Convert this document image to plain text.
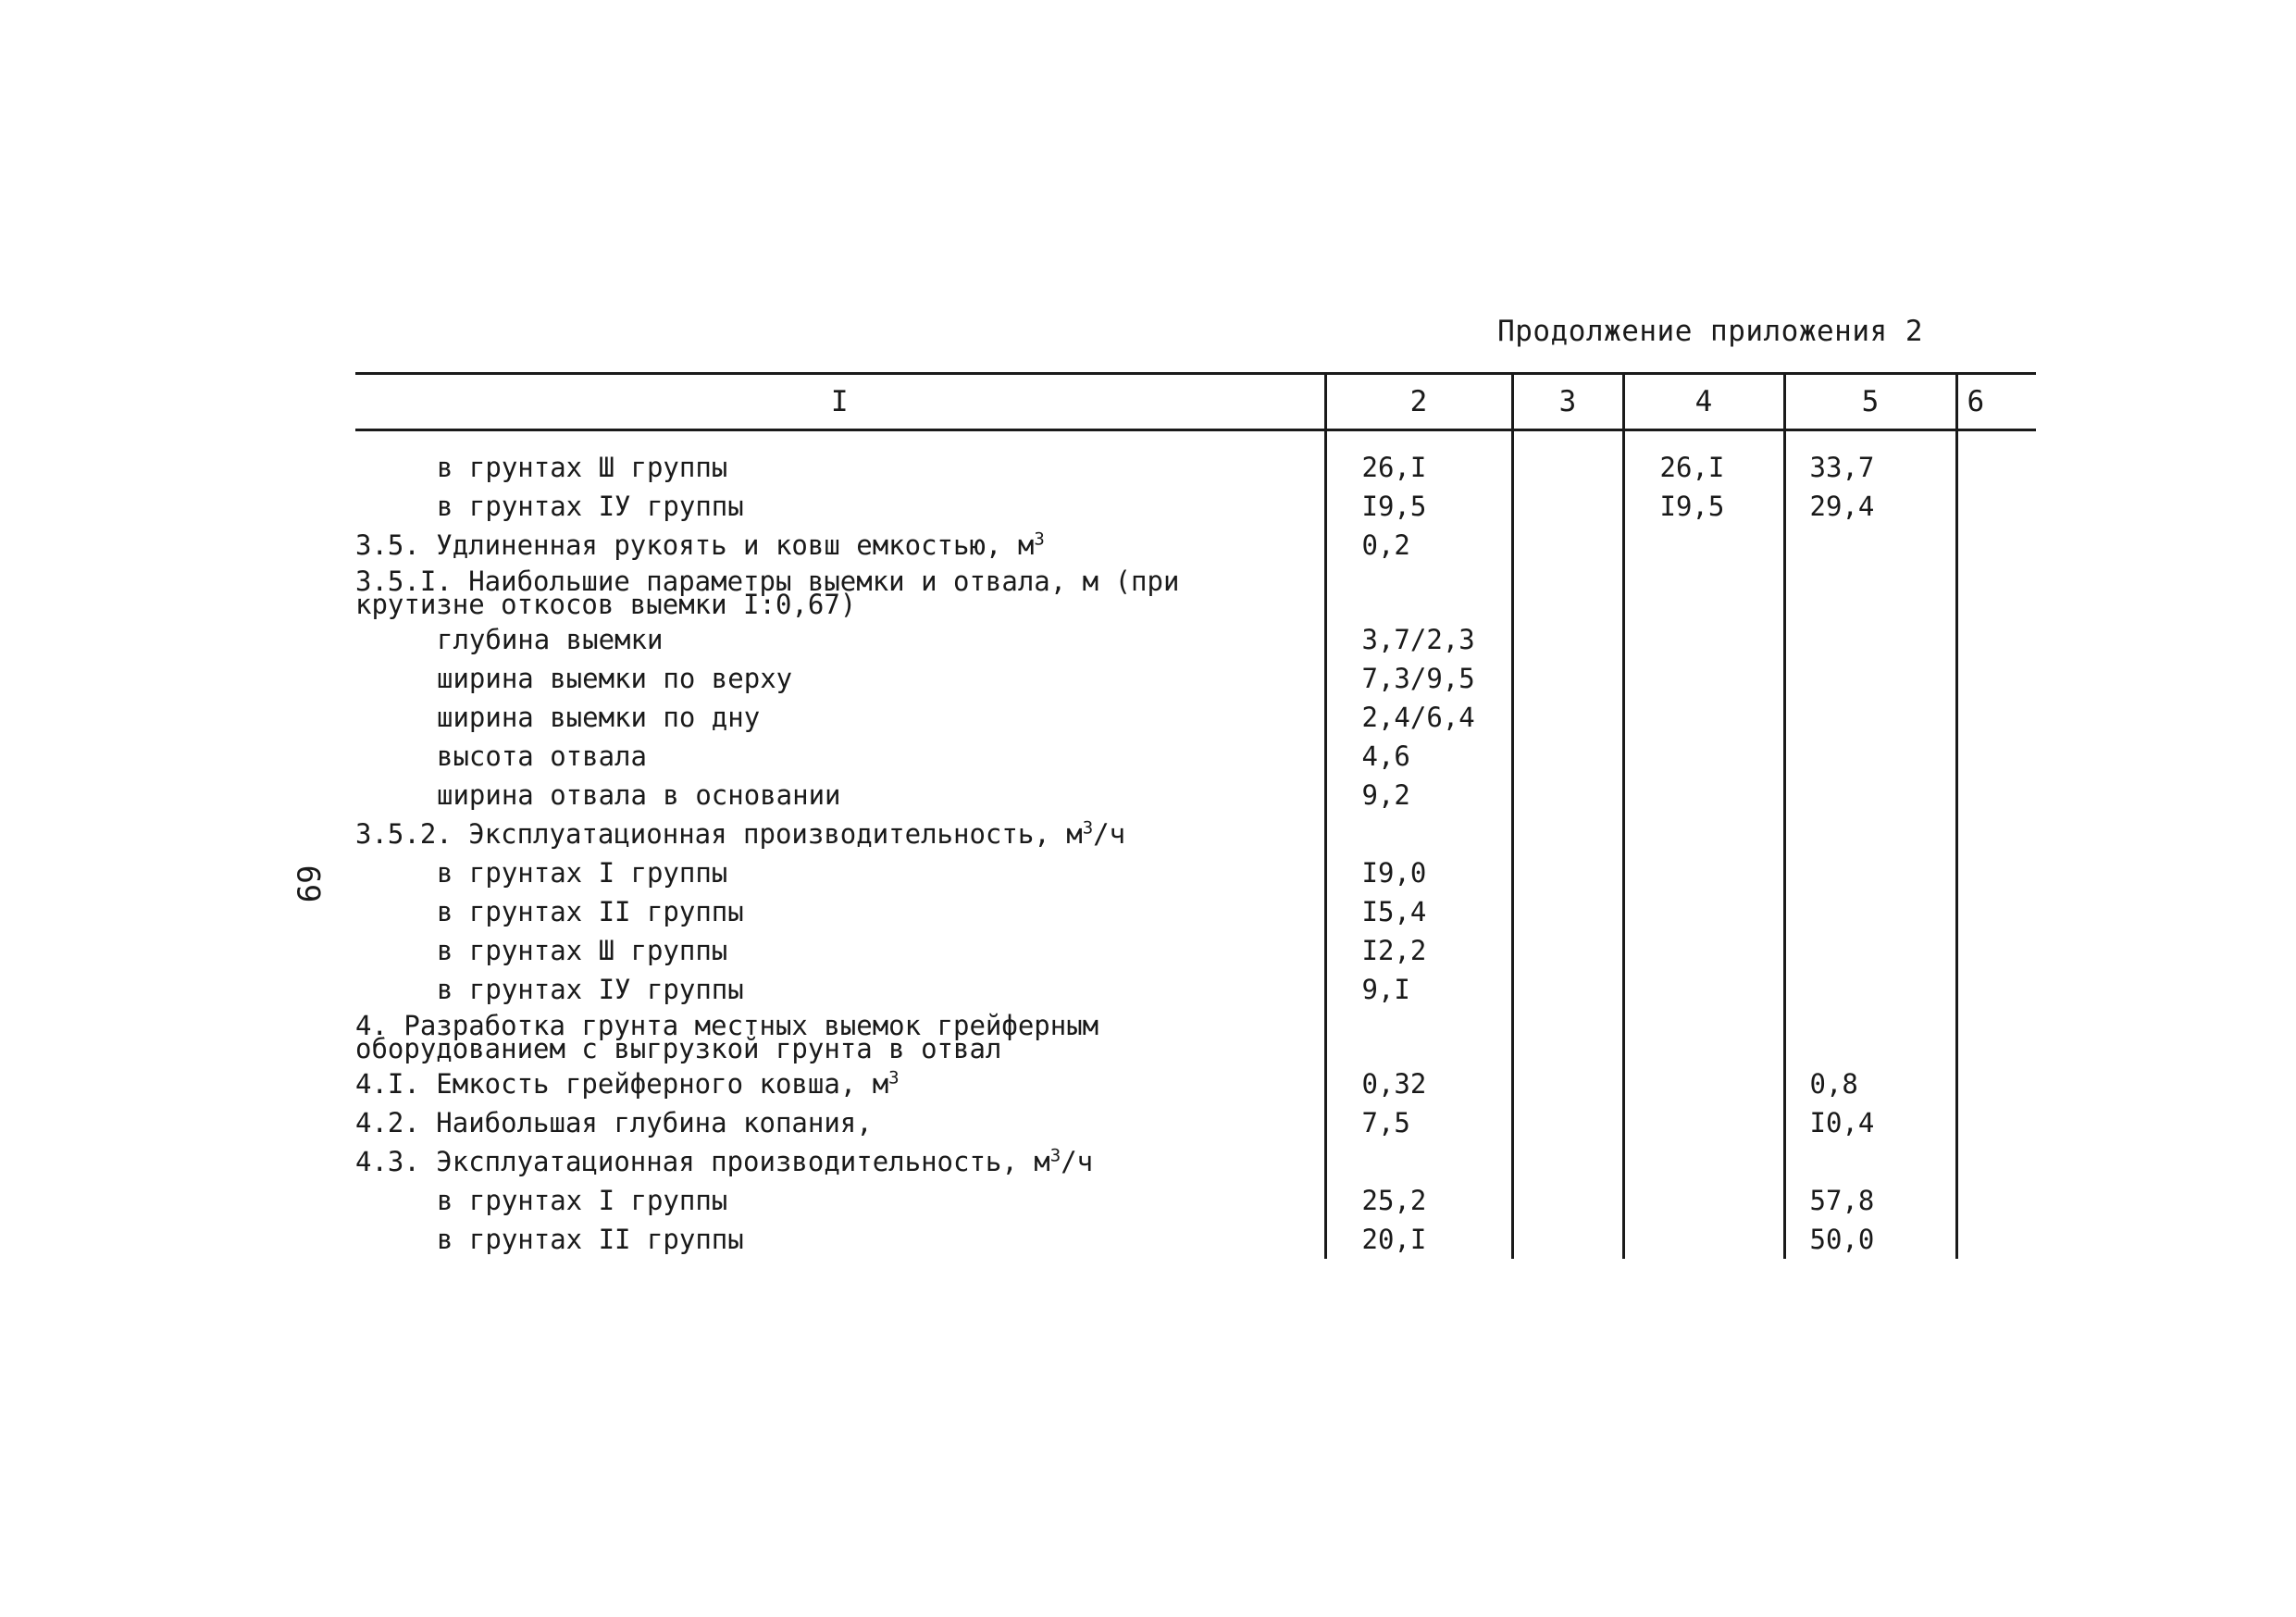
Продолжение приложения 2
69
I	2	3	4	5	6
в грунтах Ш группы	26,I		26,I	33,7	
в грунтах IУ группы	I9,5		I9,5	29,4	
3.5. Удлиненная рукоять и ковш емкостью, $м^3$	0,2				
3.5.I. Наибольшие параметры выемки и отвала, м (при крутизне откосов выемки I:0,67)					
глубина выемки	3,7/2,3				
ширина выемки по верху	7,3/9,5				
ширина выемки по дну	2,4/6,4				
высота отвала	4,6				
ширина отвала в основании	9,2				
3.5.2. Эксплуатационная производительность, $м^3/ч$					
в грунтах I группы	I9,0				
в грунтах II группы	I5,4				
в грунтах Ш группы	I2,2				
в грунтах IУ группы	9,I				
4. Разработка грунта местных выемок грейферным оборудованием с выгрузкой грунта в отвал					
4.I. Емкость грейферного ковша, $м^3$	0,32			0,8	
4.2. Наибольшая глубина копания,	7,5			I0,4	
4.3. Эксплуатационная производительность, $м^3/ч$					
в грунтах I группы	25,2			57,8	
в грунтах II группы	20,I			50,0	
